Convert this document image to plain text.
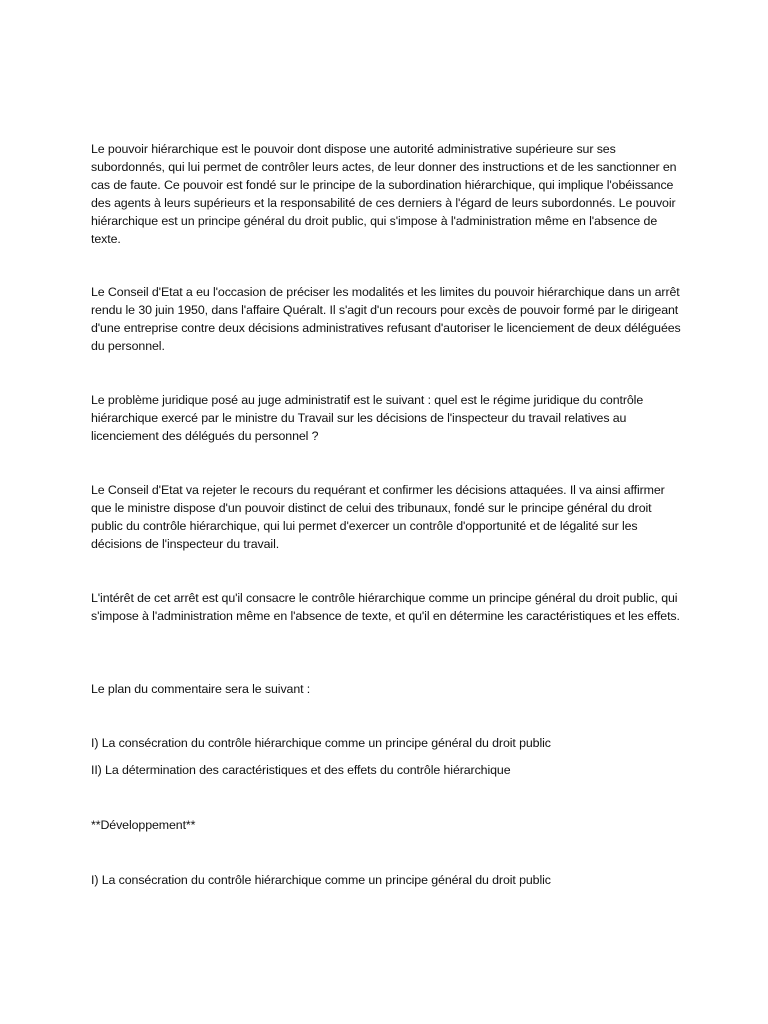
Le pouvoir hiérarchique est le pouvoir dont dispose une autorité administrative supérieure sur ses subordonnés, qui lui permet de contrôler leurs actes, de leur donner des instructions et de les sanctionner en cas de faute. Ce pouvoir est fondé sur le principe de la subordination hiérarchique, qui implique l'obéissance des agents à leurs supérieurs et la responsabilité de ces derniers à l'égard de leurs subordonnés. Le pouvoir hiérarchique est un principe général du droit public, qui s'impose à l'administration même en l'absence de texte.
Le Conseil d'Etat a eu l'occasion de préciser les modalités et les limites du pouvoir hiérarchique dans un arrêt rendu le 30 juin 1950, dans l'affaire Quéralt. Il s'agit d'un recours pour excès de pouvoir formé par le dirigeant d'une entreprise contre deux décisions administratives refusant d'autoriser le licenciement de deux déléguées du personnel.
Le problème juridique posé au juge administratif est le suivant : quel est le régime juridique du contrôle hiérarchique exercé par le ministre du Travail sur les décisions de l'inspecteur du travail relatives au licenciement des délégués du personnel ?
Le Conseil d'Etat va rejeter le recours du requérant et confirmer les décisions attaquées. Il va ainsi affirmer que le ministre dispose d'un pouvoir distinct de celui des tribunaux, fondé sur le principe général du droit public du contrôle hiérarchique, qui lui permet d'exercer un contrôle d'opportunité et de légalité sur les décisions de l'inspecteur du travail.
L'intérêt de cet arrêt est qu'il consacre le contrôle hiérarchique comme un principe général du droit public, qui s'impose à l'administration même en l'absence de texte, et qu'il en détermine les caractéristiques et les effets.
Le plan du commentaire sera le suivant :
I) La consécration du contrôle hiérarchique comme un principe général du droit public
II) La détermination des caractéristiques et des effets du contrôle hiérarchique
**Développement**
I) La consécration du contrôle hiérarchique comme un principe général du droit public
